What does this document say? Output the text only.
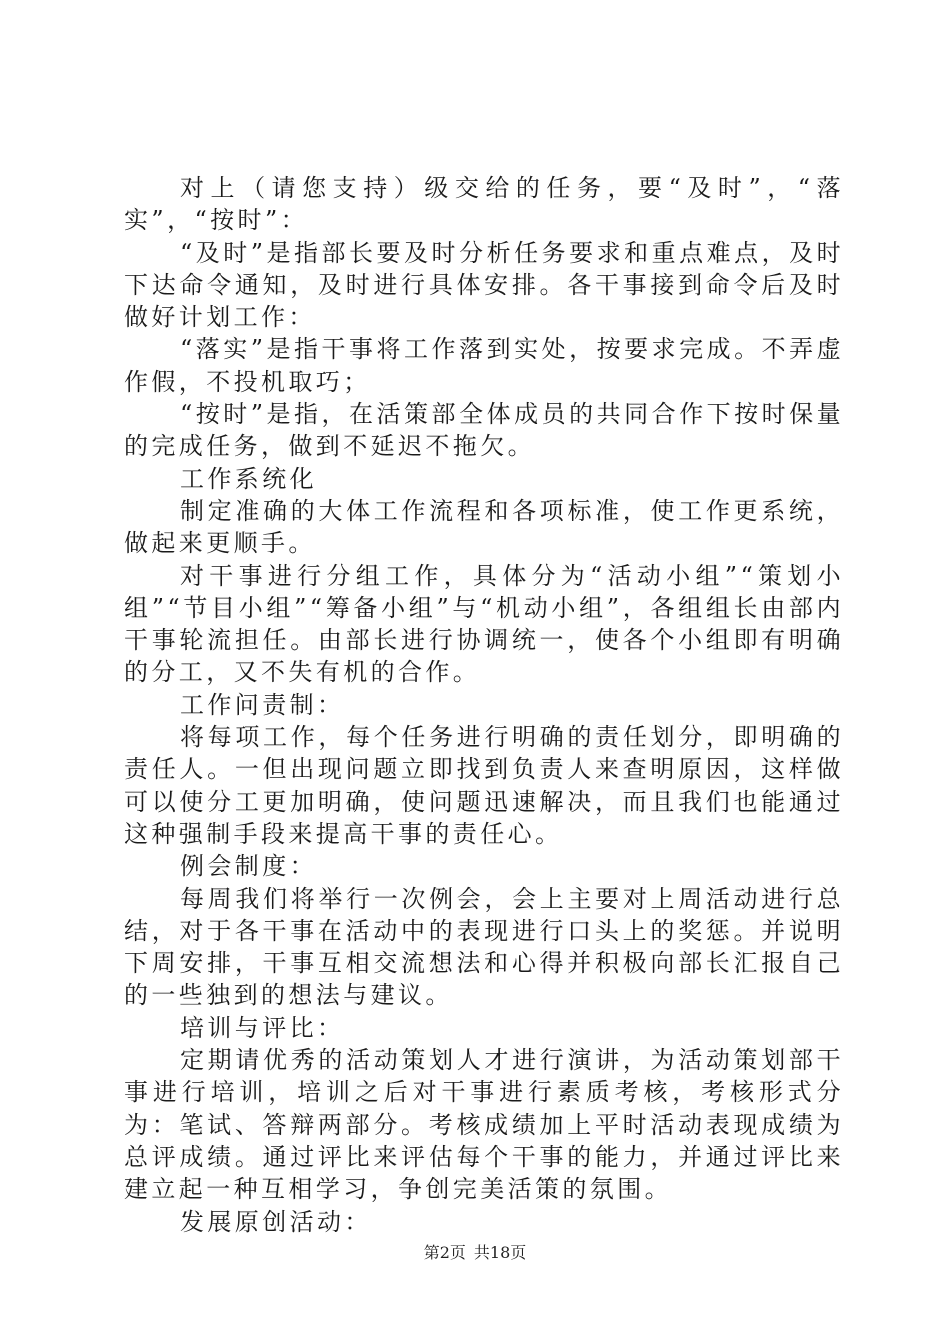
对上（请您支持）级交给的任务，要“及时”，“落实”，“按时”：

“及时”是指部长要及时分析任务要求和重点难点，及时下达命令通知，及时进行具体安排。各干事接到命令后及时做好计划工作：

“落实”是指干事将工作落到实处，按要求完成。不弄虚作假，不投机取巧；

“按时”是指，在活策部全体成员的共同合作下按时保量的完成任务，做到不延迟不拖欠。

工作系统化

制定准确的大体工作流程和各项标准，使工作更系统，做起来更顺手。

对干事进行分组工作，具体分为“活动小组”“策划小组”“节目小组”“筹备小组”与“机动小组”，各组组长由部内干事轮流担任。由部长进行协调统一，使各个小组即有明确的分工，又不失有机的合作。

工作问责制：

将每项工作，每个任务进行明确的责任划分，即明确的责任人。一但出现问题立即找到负责人来查明原因，这样做可以使分工更加明确，使问题迅速解决，而且我们也能通过这种强制手段来提高干事的责任心。

例会制度：

每周我们将举行一次例会，会上主要对上周活动进行总结，对于各干事在活动中的表现进行口头上的奖惩。并说明下周安排，干事互相交流想法和心得并积极向部长汇报自己的一些独到的想法与建议。

培训与评比：

定期请优秀的活动策划人才进行演讲，为活动策划部干事进行培训，培训之后对干事进行素质考核，考核形式分为：笔试、答辩两部分。考核成绩加上平时活动表现成绩为总评成绩。通过评比来评估每个干事的能力，并通过评比来建立起一种互相学习，争创完美活策的氛围。

发展原创活动：

第2页 共18页
